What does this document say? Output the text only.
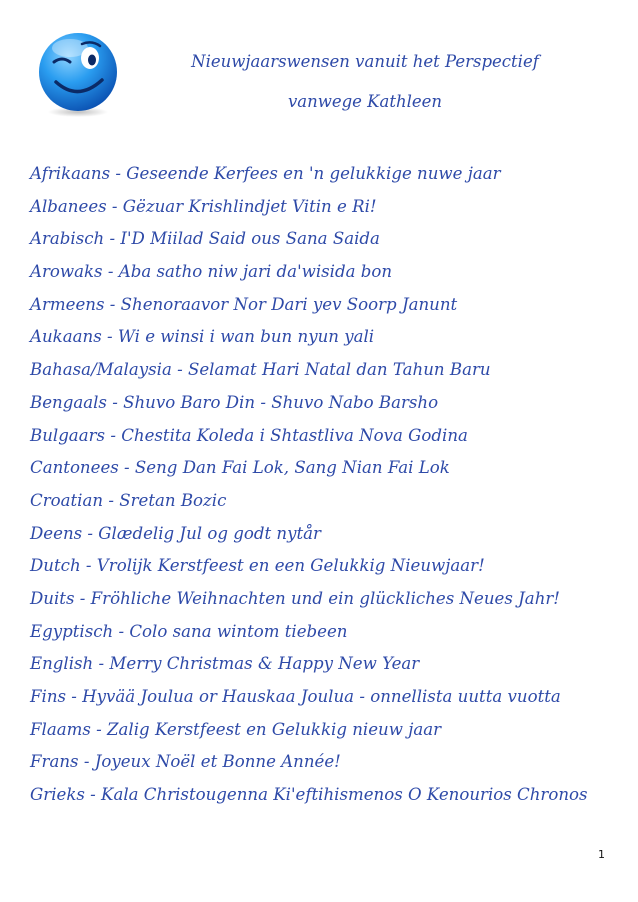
Nieuwjaarswensen vanuit het Perspectief
vanwege Kathleen
Afrikaans - Geseende Kerfees en 'n gelukkige nuwe jaar
Albanees - Gëzuar Krishlindjet Vitin e Ri!
Arabisch - I'D Miilad Said ous Sana Saida
Arowaks - Aba satho niw jari da'wisida bon
Armeens - Shenoraavor Nor Dari yev Soorp Janunt
Aukaans - Wi e winsi i wan bun nyun yali
Bahasa/Malaysia - Selamat Hari Natal dan Tahun Baru
Bengaals - Shuvo Baro Din - Shuvo Nabo Barsho
Bulgaars - Chestita Koleda i Shtastliva Nova Godina
Cantonees - Seng Dan Fai Lok, Sang Nian Fai Lok
Croatian - Sretan Bozic
Deens - Glædelig Jul og godt nytår
Dutch - Vrolijk Kerstfeest en een Gelukkig Nieuwjaar!
Duits - Fröhliche Weihnachten und ein glückliches Neues Jahr!
Egyptisch - Colo sana wintom tiebeen
English - Merry Christmas & Happy New Year
Fins - Hyvää Joulua or Hauskaa Joulua - onnellista uutta vuotta
Flaams - Zalig Kerstfeest en Gelukkig nieuw jaar
Frans - Joyeux Noël et Bonne Année!
Grieks - Kala Christougenna Ki'eftihismenos O Kenourios Chronos
1
